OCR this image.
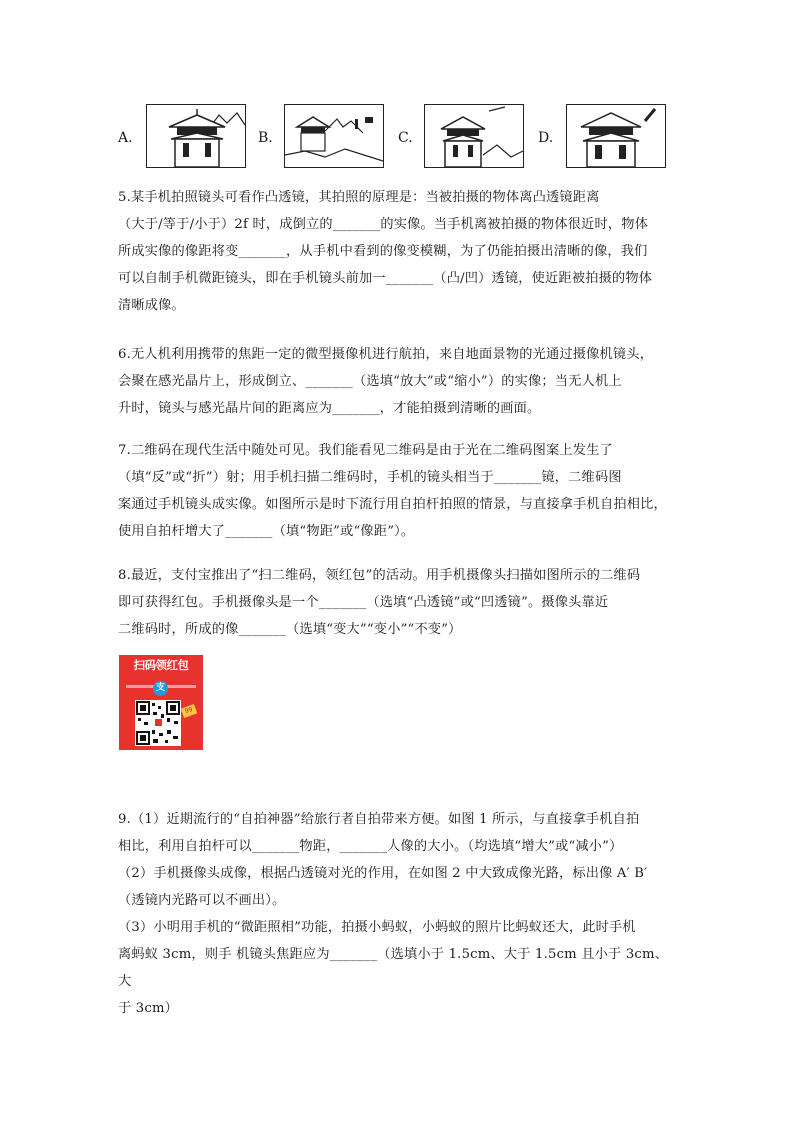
A.	B.	C.	D.

5.某手机拍照镜头可看作凸透镜，其拍照的原理是：当被拍摄的物体离凸透镜距离

（大于/等于/小于）2f 时，成倒立的_______的实像。当手机离被拍摄的物体很近时，物体

所成实像的像距将变_______，从手机中看到的像变模糊，为了仍能拍摄出清晰的像，我们

可以自制手机微距镜头，即在手机镜头前加一_______（凸/凹）透镜，使近距被拍摄的物体

清晰成像。

6.无人机利用携带的焦距一定的微型摄像机进行航拍，来自地面景物的光通过摄像机镜头，

会聚在感光晶片上，形成倒立、_______（选填“放大”或“缩小”）的实像；当无人机上

升时，镜头与感光晶片间的距离应为_______，才能拍摄到清晰的画面。

7.二维码在现代生活中随处可见。我们能看见二维码是由于光在二维码图案上发生了

（填“反”或“折”）射；用手机扫描二维码时，手机的镜头相当于_______镜，二维码图

案通过手机镜头成实像。如图所示是时下流行用自拍杆拍照的情景，与直接拿手机自拍相比，

使用自拍杆增大了_______（填“物距”或“像距”）。

8.最近，支付宝推出了“扫二维码，领红包”的活动。用手机摄像头扫描如图所示的二维码

即可获得红包。手机摄像头是一个_______（选填“凸透镜”或“凹透镜”。摄像头靠近

二维码时，所成的像_______（选填“变大”“变小”“不变”）

扫码领红包
支
99

9.（1）近期流行的“自拍神器”给旅行者自拍带来方便。如图 1 所示，与直接拿手机自拍

相比，利用自拍杆可以_______物距，_______人像的大小。（均选填“增大”或“减小”）

（2）手机摄像头成像，根据凸透镜对光的作用，在如图 2 中大致成像光路，标出像 A′ B′

（透镜内光路可以不画出）。

（3）小明用手机的“微距照相”功能，拍摄小蚂蚁，小蚂蚁的照片比蚂蚁还大，此时手机

离蚂蚁 3cm，则手 机镜头焦距应为_______（选填小于 1.5cm、大于 1.5cm 且小于 3cm、大

于 3cm）
